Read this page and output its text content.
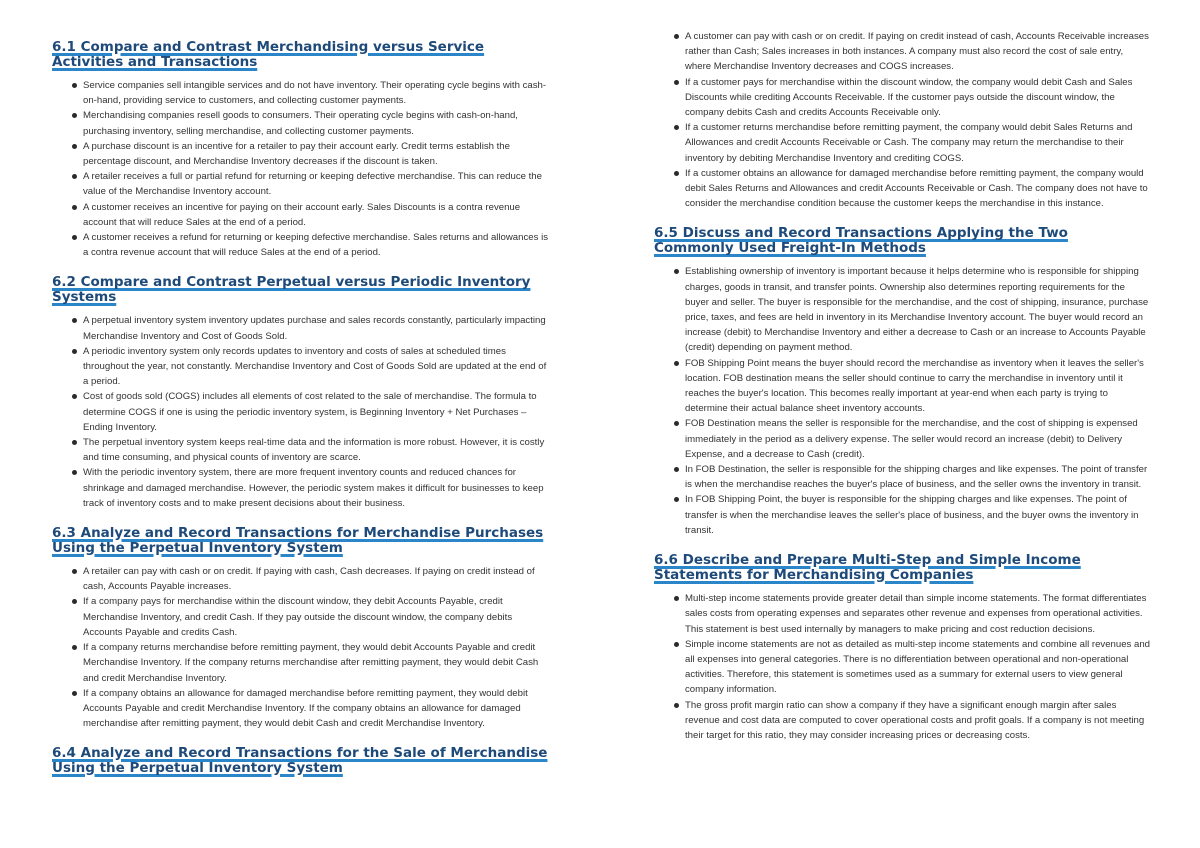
6.1 Compare and Contrast Merchandising versus Service Activities and Transactions
Service companies sell intangible services and do not have inventory. Their operating cycle begins with cash-on-hand, providing service to customers, and collecting customer payments.
Merchandising companies resell goods to consumers. Their operating cycle begins with cash-on-hand, purchasing inventory, selling merchandise, and collecting customer payments.
A purchase discount is an incentive for a retailer to pay their account early. Credit terms establish the percentage discount, and Merchandise Inventory decreases if the discount is taken.
A retailer receives a full or partial refund for returning or keeping defective merchandise. This can reduce the value of the Merchandise Inventory account.
A customer receives an incentive for paying on their account early. Sales Discounts is a contra revenue account that will reduce Sales at the end of a period.
A customer receives a refund for returning or keeping defective merchandise. Sales returns and allowances is a contra revenue account that will reduce Sales at the end of a period.
6.2 Compare and Contrast Perpetual versus Periodic Inventory Systems
A perpetual inventory system inventory updates purchase and sales records constantly, particularly impacting Merchandise Inventory and Cost of Goods Sold.
A periodic inventory system only records updates to inventory and costs of sales at scheduled times throughout the year, not constantly. Merchandise Inventory and Cost of Goods Sold are updated at the end of a period.
Cost of goods sold (COGS) includes all elements of cost related to the sale of merchandise. The formula to determine COGS if one is using the periodic inventory system, is Beginning Inventory + Net Purchases – Ending Inventory.
The perpetual inventory system keeps real-time data and the information is more robust. However, it is costly and time consuming, and physical counts of inventory are scarce.
With the periodic inventory system, there are more frequent inventory counts and reduced chances for shrinkage and damaged merchandise. However, the periodic system makes it difficult for businesses to keep track of inventory costs and to make present decisions about their business.
6.3 Analyze and Record Transactions for Merchandise Purchases Using the Perpetual Inventory System
A retailer can pay with cash or on credit. If paying with cash, Cash decreases. If paying on credit instead of cash, Accounts Payable increases.
If a company pays for merchandise within the discount window, they debit Accounts Payable, credit Merchandise Inventory, and credit Cash. If they pay outside the discount window, the company debits Accounts Payable and credits Cash.
If a company returns merchandise before remitting payment, they would debit Accounts Payable and credit Merchandise Inventory. If the company returns merchandise after remitting payment, they would debit Cash and credit Merchandise Inventory.
If a company obtains an allowance for damaged merchandise before remitting payment, they would debit Accounts Payable and credit Merchandise Inventory. If the company obtains an allowance for damaged merchandise after remitting payment, they would debit Cash and credit Merchandise Inventory.
6.4 Analyze and Record Transactions for the Sale of Merchandise Using the Perpetual Inventory System
A customer can pay with cash or on credit. If paying on credit instead of cash, Accounts Receivable increases rather than Cash; Sales increases in both instances. A company must also record the cost of sale entry, where Merchandise Inventory decreases and COGS increases.
If a customer pays for merchandise within the discount window, the company would debit Cash and Sales Discounts while crediting Accounts Receivable. If the customer pays outside the discount window, the company debits Cash and credits Accounts Receivable only.
If a customer returns merchandise before remitting payment, the company would debit Sales Returns and Allowances and credit Accounts Receivable or Cash. The company may return the merchandise to their inventory by debiting Merchandise Inventory and crediting COGS.
If a customer obtains an allowance for damaged merchandise before remitting payment, the company would debit Sales Returns and Allowances and credit Accounts Receivable or Cash. The company does not have to consider the merchandise condition because the customer keeps the merchandise in this instance.
6.5 Discuss and Record Transactions Applying the Two Commonly Used Freight-In Methods
Establishing ownership of inventory is important because it helps determine who is responsible for shipping charges, goods in transit, and transfer points. Ownership also determines reporting requirements for the buyer and seller. The buyer is responsible for the merchandise, and the cost of shipping, insurance, purchase price, taxes, and fees are held in inventory in its Merchandise Inventory account. The buyer would record an increase (debit) to Merchandise Inventory and either a decrease to Cash or an increase to Accounts Payable (credit) depending on payment method.
FOB Shipping Point means the buyer should record the merchandise as inventory when it leaves the seller's location. FOB destination means the seller should continue to carry the merchandise in inventory until it reaches the buyer's location. This becomes really important at year-end when each party is trying to determine their actual balance sheet inventory accounts.
FOB Destination means the seller is responsible for the merchandise, and the cost of shipping is expensed immediately in the period as a delivery expense. The seller would record an increase (debit) to Delivery Expense, and a decrease to Cash (credit).
In FOB Destination, the seller is responsible for the shipping charges and like expenses. The point of transfer is when the merchandise reaches the buyer's place of business, and the seller owns the inventory in transit.
In FOB Shipping Point, the buyer is responsible for the shipping charges and like expenses. The point of transfer is when the merchandise leaves the seller's place of business, and the buyer owns the inventory in transit.
6.6 Describe and Prepare Multi-Step and Simple Income Statements for Merchandising Companies
Multi-step income statements provide greater detail than simple income statements. The format differentiates sales costs from operating expenses and separates other revenue and expenses from operational activities. This statement is best used internally by managers to make pricing and cost reduction decisions.
Simple income statements are not as detailed as multi-step income statements and combine all revenues and all expenses into general categories. There is no differentiation between operational and non-operational activities. Therefore, this statement is sometimes used as a summary for external users to view general company information.
The gross profit margin ratio can show a company if they have a significant enough margin after sales revenue and cost data are computed to cover operational costs and profit goals. If a company is not meeting their target for this ratio, they may consider increasing prices or decreasing costs.
